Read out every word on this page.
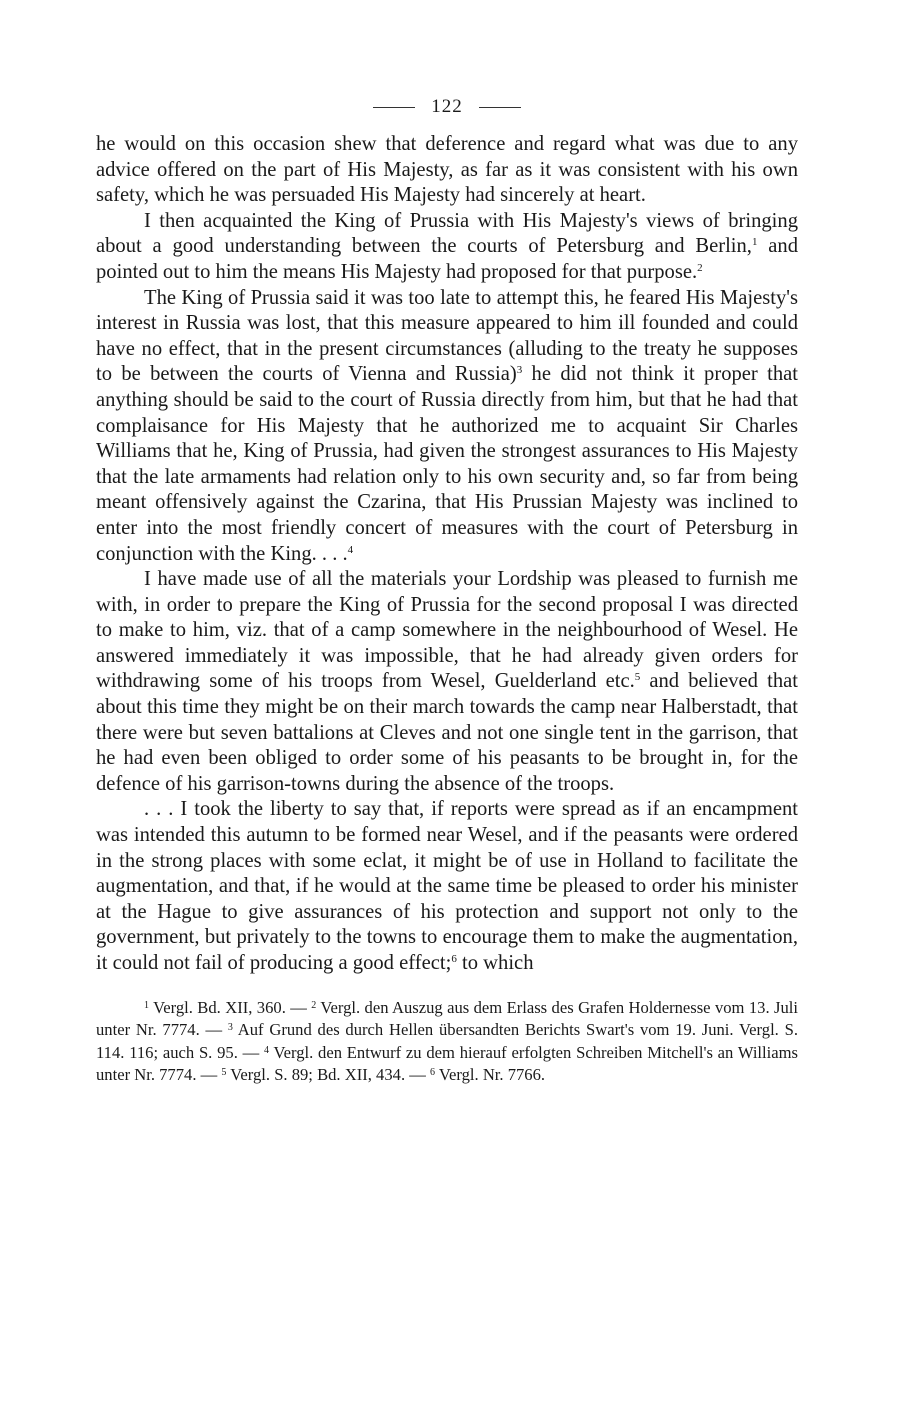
122

he would on this occasion shew that deference and regard what was due to any advice offered on the part of His Majesty, as far as it was consistent with his own safety, which he was persuaded His Majesty had sincerely at heart.

I then acquainted the King of Prussia with His Majesty's views of bringing about a good understanding between the courts of Petersburg and Berlin,$^1$ and pointed out to him the means His Majesty had proposed for that purpose.$^2$

The King of Prussia said it was too late to attempt this, he feared His Majesty's interest in Russia was lost, that this measure appeared to him ill founded and could have no effect, that in the present circumstances (alluding to the treaty he supposes to be between the courts of Vienna and Russia)$^3$ he did not think it proper that anything should be said to the court of Russia directly from him, but that he had that complaisance for His Majesty that he authorized me to acquaint Sir Charles Williams that he, King of Prussia, had given the strongest assurances to His Majesty that the late armaments had relation only to his own security and, so far from being meant offensively against the Czarina, that His Prussian Majesty was inclined to enter into the most friendly concert of measures with the court of Petersburg in conjunction with the King. . . .$^4$

I have made use of all the materials your Lordship was pleased to furnish me with, in order to prepare the King of Prussia for the second proposal I was directed to make to him, viz. that of a camp somewhere in the neighbourhood of Wesel. He answered immediately it was impossible, that he had already given orders for withdrawing some of his troops from Wesel, Guelderland etc.$^5$ and believed that about this time they might be on their march towards the camp near Halberstadt, that there were but seven battalions at Cleves and not one single tent in the garrison, that he had even been obliged to order some of his peasants to be brought in, for the defence of his garrison-towns during the absence of the troops.

. . . I took the liberty to say that, if reports were spread as if an encampment was intended this autumn to be formed near Wesel, and if the peasants were ordered in the strong places with some eclat, it might be of use in Holland to facilitate the augmentation, and that, if he would at the same time be pleased to order his minister at the Hague to give assurances of his protection and support not only to the government, but privately to the towns to encourage them to make the augmentation, it could not fail of producing a good effect;$^6$ to which

$^1$ Vergl. Bd. XII, 360. — $^2$ Vergl. den Auszug aus dem Erlass des Grafen Holdernesse vom 13. Juli unter Nr. 7774. — $^3$ Auf Grund des durch Hellen übersandten Berichts Swart's vom 19. Juni. Vergl. S. 114. 116; auch S. 95. — $^4$ Vergl. den Entwurf zu dem hierauf erfolgten Schreiben Mitchell's an Williams unter Nr. 7774. — $^5$ Vergl. S. 89; Bd. XII, 434. — $^6$ Vergl. Nr. 7766.
